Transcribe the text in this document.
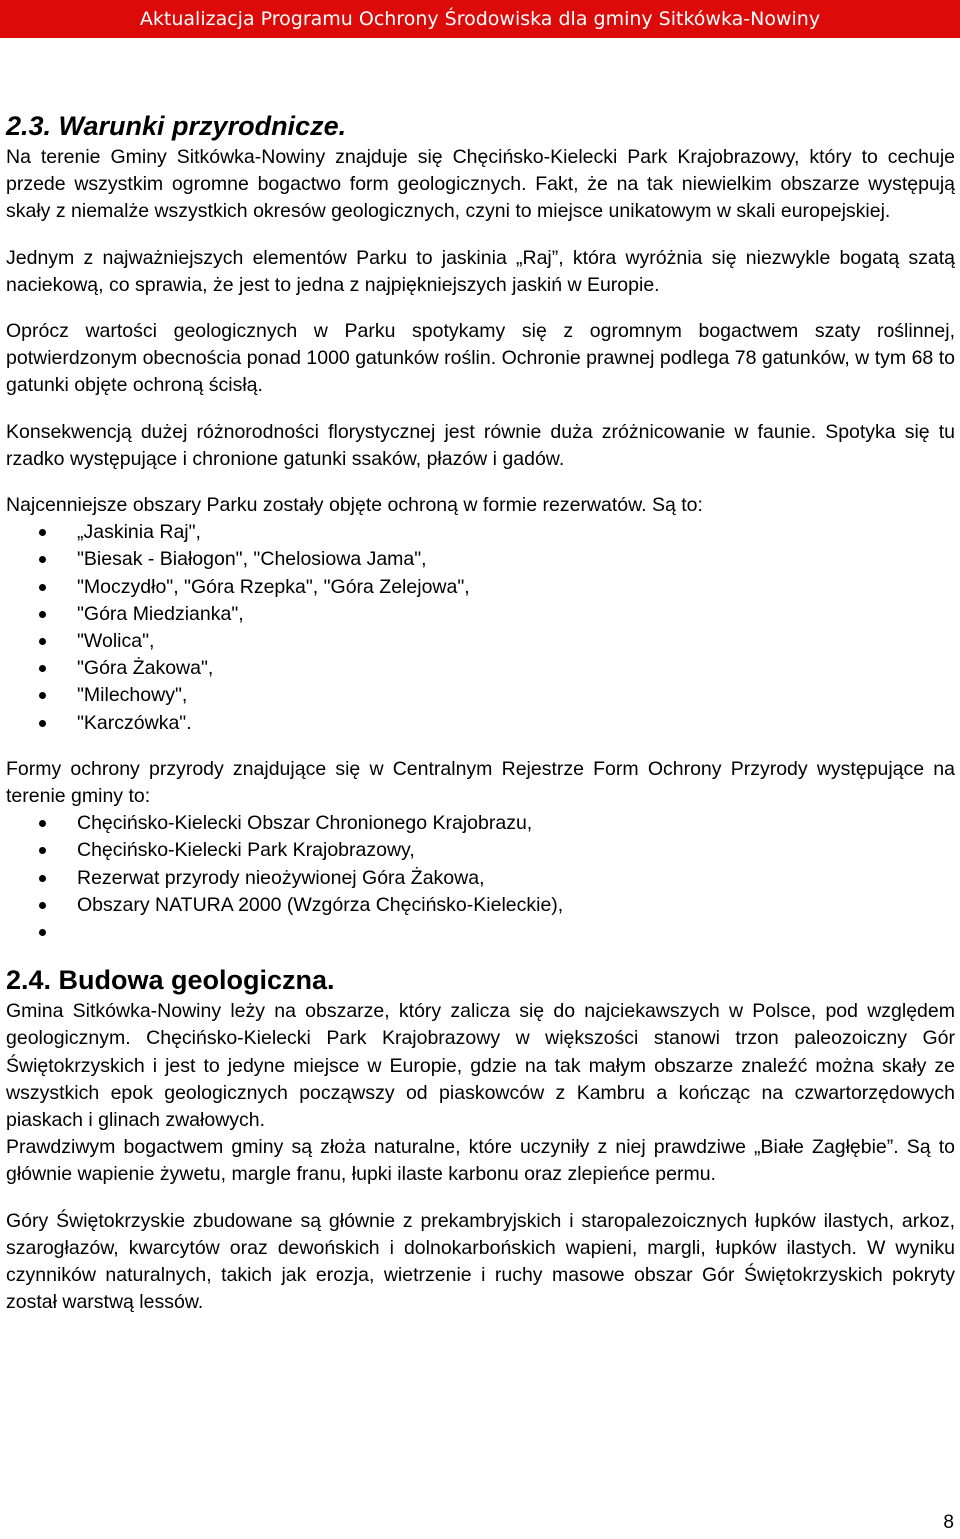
Aktualizacja Programu Ochrony Środowiska dla gminy Sitkówka-Nowiny
2.3. Warunki przyrodnicze.

Na terenie Gminy Sitkówka-Nowiny znajduje się Chęcińsko-Kielecki Park Krajobrazowy, który to cechuje przede wszystkim ogromne bogactwo form geologicznych. Fakt, że na tak niewielkim obszarze występują skały z niemalże wszystkich okresów geologicznych, czyni to miejsce unikatowym w skali europejskiej.

Jednym z najważniejszych elementów Parku to jaskinia „Raj”, która wyróżnia się niezwykle bogatą szatą naciekową, co sprawia, że jest to jedna z najpiękniejszych jaskiń w Europie.

Oprócz wartości geologicznych w Parku spotykamy się z ogromnym bogactwem szaty roślinnej, potwierdzonym obecnościa ponad 1000 gatunków roślin. Ochronie prawnej podlega 78 gatunków, w tym 68 to gatunki objęte ochroną ścisłą.

Konsekwencją dużej różnorodności florystycznej jest równie duża zróżnicowanie w faunie. Spotyka się tu rzadko występujące i chronione gatunki ssaków, płazów i gadów.

Najcenniejsze obszary Parku zostały objęte ochroną w formie rezerwatów. Są to:

„Jaskinia Raj",
"Biesak - Białogon", "Chelosiowa Jama",
"Moczydło", "Góra Rzepka", "Góra Zelejowa",
"Góra Miedzianka",
"Wolica",
"Góra Żakowa",
"Milechowy",
"Karczówka".

Formy ochrony przyrody znajdujące się w Centralnym Rejestrze Form Ochrony Przyrody występujące na terenie gminy to:

Chęcińsko-Kielecki Obszar Chronionego Krajobrazu,
Chęcińsko-Kielecki Park Krajobrazowy,
Rezerwat przyrody nieożywionej Góra Żakowa,
Obszary NATURA 2000 (Wzgórza Chęcińsko-Kieleckie),
2.4. Budowa geologiczna.

Gmina Sitkówka-Nowiny leży na obszarze, który zalicza się do najciekawszych w Polsce, pod względem geologicznym. Chęcińsko-Kielecki Park Krajobrazowy w większości stanowi trzon paleozoiczny Gór Świętokrzyskich i jest to jedyne miejsce w Europie, gdzie na tak małym obszarze znaleźć można skały ze wszystkich epok geologicznych począwszy od piaskowców z Kambru a kończąc na czwartorzędowych piaskach i glinach zwałowych.

Prawdziwym bogactwem gminy są złoża naturalne, które uczyniły z niej prawdziwe „Białe Zagłębie”. Są to głównie wapienie żywetu, margle franu, łupki ilaste karbonu oraz zlepieńce permu.

Góry Świętokrzyskie zbudowane są głównie z prekambryjskich i staropalezoicznych łupków ilastych, arkoz, szarogłazów, kwarcytów oraz dewońskich i dolnokarbońskich wapieni, margli, łupków ilastych. W wyniku czynników naturalnych, takich jak erozja, wietrzenie i ruchy masowe obszar Gór Świętokrzyskich pokryty został warstwą lessów.

8
